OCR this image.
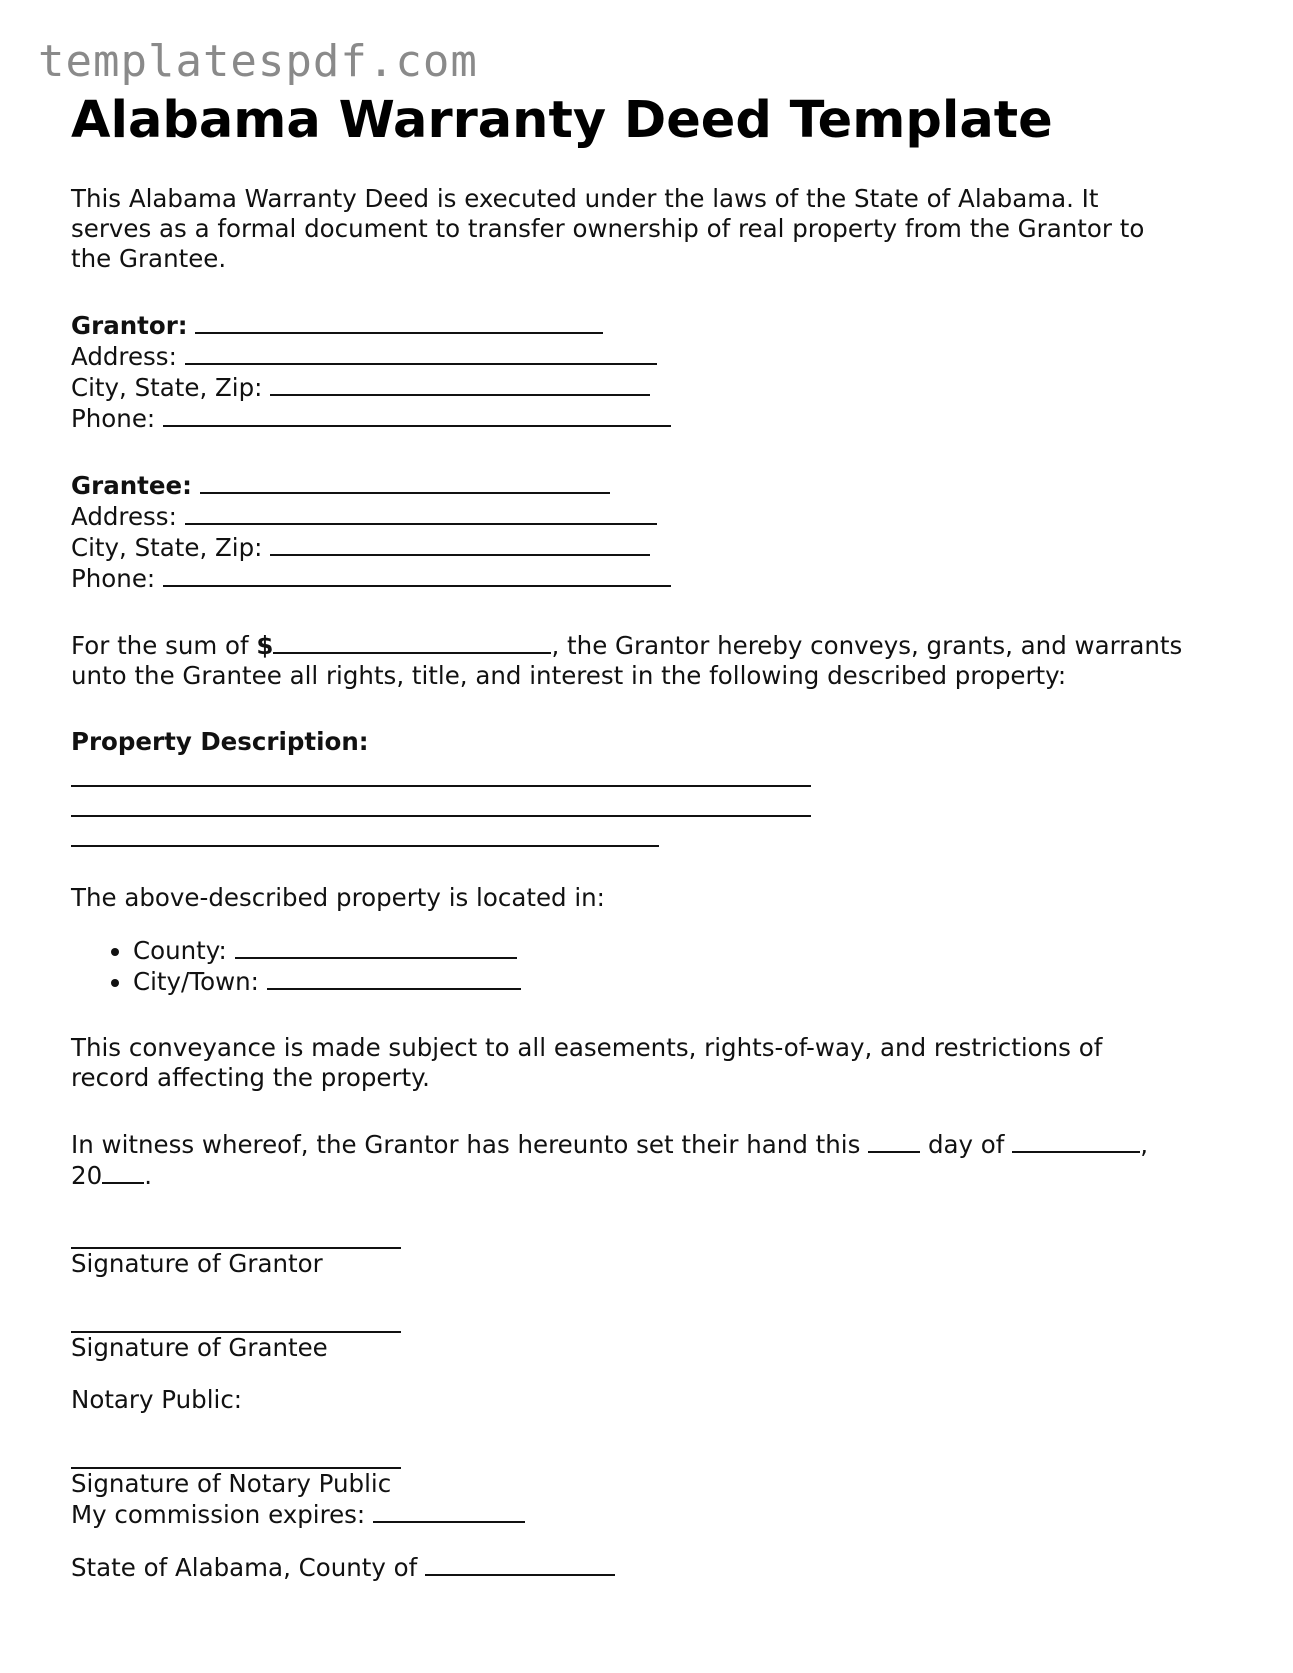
templatespdf.com
Alabama Warranty Deed Template
This Alabama Warranty Deed is executed under the laws of the State of Alabama. It
serves as a formal document to transfer ownership of real property from the Grantor to
the Grantee.
Grantor:
Address:
City, State, Zip:
Phone:
Grantee:
Address:
City, State, Zip:
Phone:
For the sum of $	, the Grantor hereby conveys, grants, and warrants
unto the Grantee all rights, title, and interest in the following described property:
Property Description:
The above-described property is located in:
• County:
• City/Town:
This conveyance is made subject to all easements, rights-of-way, and restrictions of
record affecting the property.
In witness whereof, the Grantor has hereunto set their hand this  day of	,
20 .
Signature of Grantor
Signature of Grantee
Notary Public:
Signature of Notary Public
My commission expires:
State of Alabama, County of
